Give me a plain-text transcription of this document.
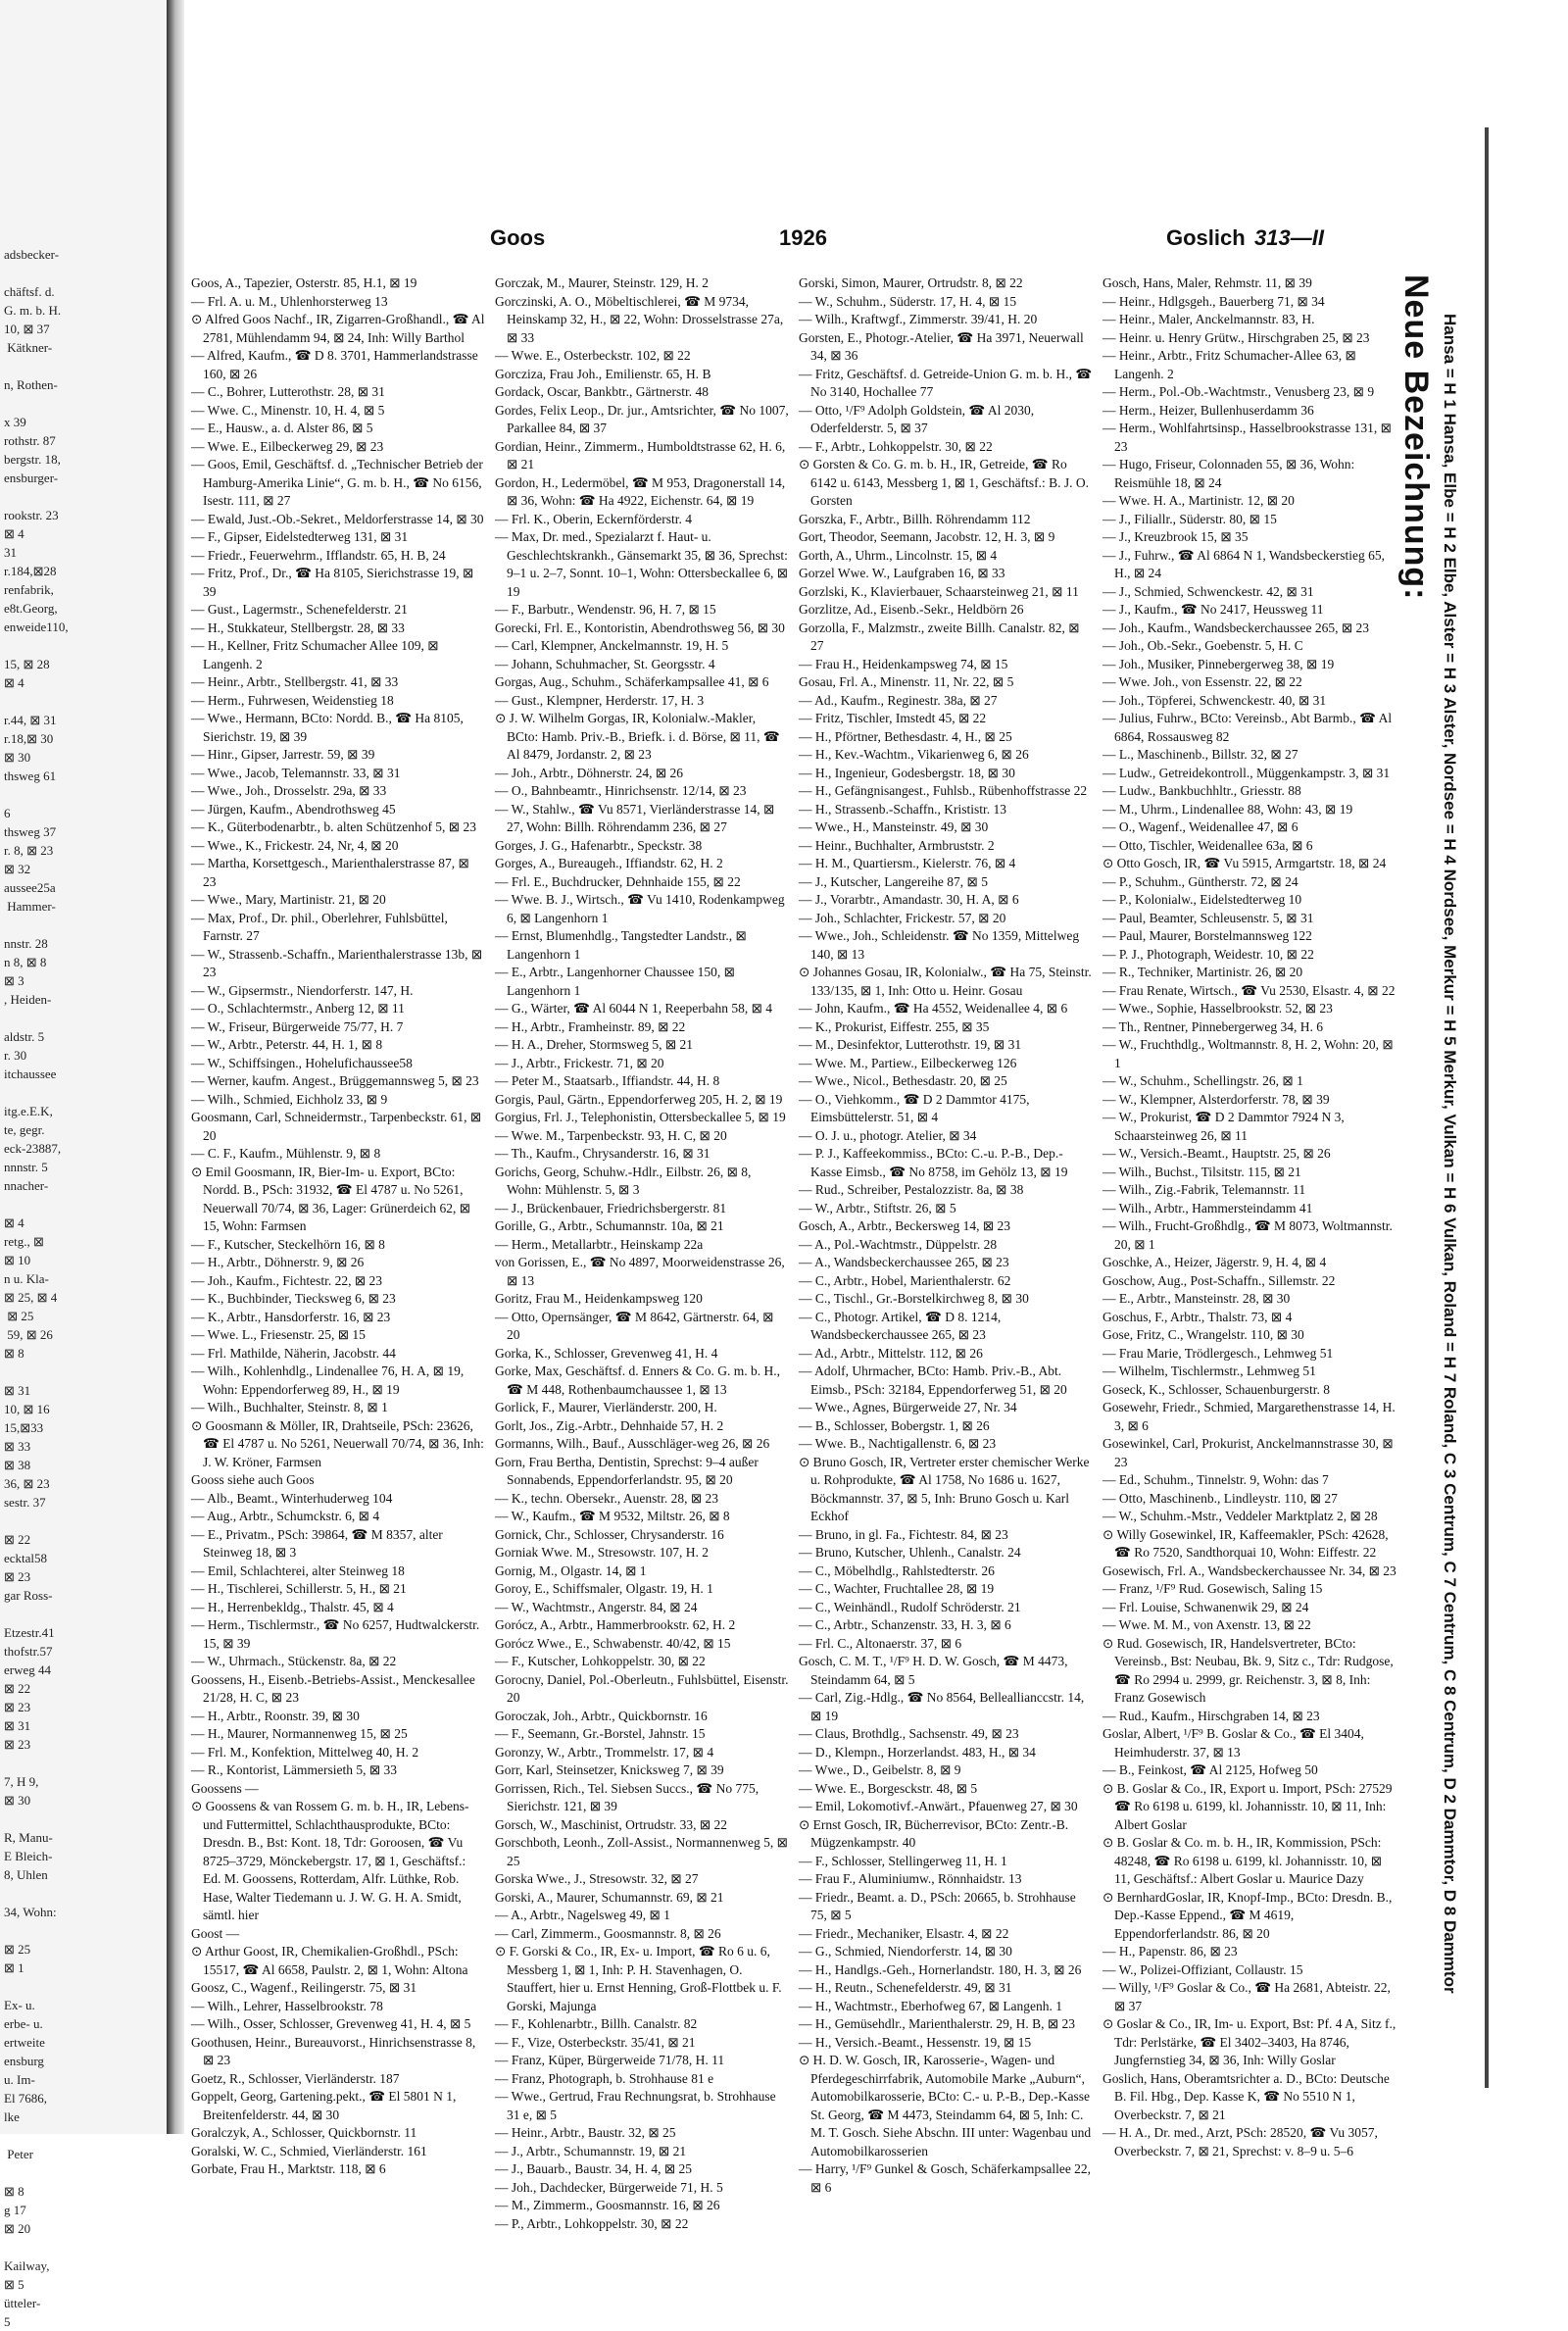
adsbecker-

chäftsf. d.
G. m. b. H.
10, ⊠ 37
Kätkner-

n, Rothen-

x 39
rothstr. 87
bergstr. 18,
ensburger-

rookstr. 23
⊠ 4
31
r.184,⊠28
renfabrik,
e8t.Georg,
enweide110,

15, ⊠ 28
⊠ 4

r.44, ⊠ 31
r.18,⊠ 30
⊠ 30
thsweg 61

6
thsweg 37
r. 8, ⊠ 23
⊠ 32
aussee25a
Hammer-

nnstr. 28
n 8, ⊠ 8
⊠ 3
, Heiden-

aldstr. 5
r. 30
itchaussee

itg.e.E.K,
te, gegr.
eck-23887,
nnnstr. 5
nnacher-

⊠ 4
retg., ⊠
⊠ 10
n u. Kla-
⊠ 25, ⊠ 4
⊠ 25
59, ⊠ 26
⊠ 8

⊠ 31
10, ⊠ 16
15,⊠33
⊠ 33
⊠ 38
36, ⊠ 23
sestr. 37

⊠ 22
ecktal58
⊠ 23
gar Ross-

Etzestr.41
thofstr.57
erweg 44
⊠ 22
⊠ 23
⊠ 31
⊠ 23

7, H 9,
⊠ 30

R, Manu-
E Bleich-
8, Uhlen

34, Wohn:

⊠ 25
⊠ 1

Ex- u.
erbe- u.
ertweite
ensburg
u. Im-
El 7686,
lke

Peter

⊠ 8
g 17
⊠ 20

Kailway,
⊠ 5
ütteler-
5
Goos	1926	Goslich 313—II

Goos, A., Tapezier, Osterstr. 85, H.1, ⊠ 19

— Frl. A. u. M., Uhlenhorsterweg 13

⊙ Alfred Goos Nachf., IR, Zigarren-Großhandl., ☎ Al 2781, Mühlendamm 94, ⊠ 24, Inh: Willy Barthol

— Alfred, Kaufm., ☎ D 8. 3701, Hammerlandstrasse 160, ⊠ 26

— C., Bohrer, Lutterothstr. 28, ⊠ 31

— Wwe. C., Minenstr. 10, H. 4, ⊠ 5

— E., Hausw., a. d. Alster 86, ⊠ 5

— Wwe. E., Eilbeckerweg 29, ⊠ 23

— Goos, Emil, Geschäftsf. d. „Technischer Betrieb der Hamburg-Amerika Linie“, G. m. b. H., ☎ No 6156, Isestr. 111, ⊠ 27

— Ewald, Just.-Ob.-Sekret., Meldorferstrasse 14, ⊠ 30

— F., Gipser, Eidelstedterweg 131, ⊠ 31

— Friedr., Feuerwehrm., Ifflandstr. 65, H. B, 24

— Fritz, Prof., Dr., ☎ Ha 8105, Sierichstrasse 19, ⊠ 39

— Gust., Lagermstr., Schenefelderstr. 21

— H., Stukkateur, Stellbergstr. 28, ⊠ 33

— H., Kellner, Fritz Schumacher Allee 109, ⊠ Langenh. 2

— Heinr., Arbtr., Stellbergstr. 41, ⊠ 33

— Herm., Fuhrwesen, Weidenstieg 18

— Wwe., Hermann, BCto: Nordd. B., ☎ Ha 8105, Sierichstr. 19, ⊠ 39

— Hinr., Gipser, Jarrestr. 59, ⊠ 39

— Wwe., Jacob, Telemannstr. 33, ⊠ 31

— Wwe., Joh., Drosselstr. 29a, ⊠ 33

— Jürgen, Kaufm., Abendrothsweg 45

— K., Güterbodenarbtr., b. alten Schützenhof 5, ⊠ 23

— Wwe., K., Frickestr. 24, Nr, 4, ⊠ 20

— Martha, Korsettgesch., Marienthalerstrasse 87, ⊠ 23

— Wwe., Mary, Martinistr. 21, ⊠ 20

— Max, Prof., Dr. phil., Oberlehrer, Fuhlsbüttel, Farnstr. 27

— W., Strassenb.-Schaffn., Marienthalerstrasse 13b, ⊠ 23

— W., Gipsermstr., Niendorferstr. 147, H.

— O., Schlachtermstr., Anberg 12, ⊠ 11

— W., Friseur, Bürgerweide 75/77, H. 7

— W., Arbtr., Peterstr. 44, H. 1, ⊠ 8

— W., Schiffsingen., Hohelufichaussee58

— Werner, kaufm. Angest., Brüggemannsweg 5, ⊠ 23

— Wilh., Schmied, Eichholz 33, ⊠ 9

Goosmann, Carl, Schneidermstr., Tarpenbeckstr. 61, ⊠ 20

— C. F., Kaufm., Mühlenstr. 9, ⊠ 8

⊙ Emil Goosmann, IR, Bier-Im- u. Export, BCto: Nordd. B., PSch: 31932, ☎ El 4787 u. No 5261, Neuerwall 70/74, ⊠ 36, Lager: Grünerdeich 62, ⊠ 15, Wohn: Farmsen

— F., Kutscher, Steckelhörn 16, ⊠ 8

— H., Arbtr., Döhnerstr. 9, ⊠ 26

— Joh., Kaufm., Fichtestr. 22, ⊠ 23

— K., Buchbinder, Tiecksweg 6, ⊠ 23

— K., Arbtr., Hansdorferstr. 16, ⊠ 23

— Wwe. L., Friesenstr. 25, ⊠ 15

— Frl. Mathilde, Näherin, Jacobstr. 44

— Wilh., Kohlenhdlg., Lindenallee 76, H. A, ⊠ 19, Wohn: Eppendorferweg 89, H., ⊠ 19

— Wilh., Buchhalter, Steinstr. 8, ⊠ 1

⊙ Goosmann & Möller, IR, Drahtseile, PSch: 23626, ☎ El 4787 u. No 5261, Neuerwall 70/74, ⊠ 36, Inh: J. W. Kröner, Farmsen

Gooss siehe auch Goos

— Alb., Beamt., Winterhuderweg 104

— Aug., Arbtr., Schumckstr. 6, ⊠ 4

— E., Privatm., PSch: 39864, ☎ M 8357, alter Steinweg 18, ⊠ 3

— Emil, Schlachterei, alter Steinweg 18

— H., Tischlerei, Schillerstr. 5, H., ⊠ 21

— H., Herrenbekldg., Thalstr. 45, ⊠ 4

— Herm., Tischlermstr., ☎ No 6257, Hudtwalckerstr. 15, ⊠ 39

— W., Uhrmach., Stückenstr. 8a, ⊠ 22

Goossens, H., Eisenb.-Betriebs-Assist., Menckesallee 21/28, H. C, ⊠ 23

— H., Arbtr., Roonstr. 39, ⊠ 30

— H., Maurer, Normannenweg 15, ⊠ 25

— Frl. M., Konfektion, Mittelweg 40, H. 2

— R., Kontorist, Lämmersieth 5, ⊠ 33

Goossens —

⊙ Goossens & van Rossem G. m. b. H., IR, Lebens- und Futtermittel, Schlachthausprodukte, BCto: Dresdn. B., Bst: Kont. 18, Tdr: Goroosen, ☎ Vu 8725–3729, Mönckebergstr. 17, ⊠ 1, Geschäftsf.: Ed. M. Goossens, Rotterdam, Alfr. Lüthke, Rob. Hase, Walter Tiedemann u. J. W. G. H. A. Smidt, sämtl. hier

Goost —

⊙ Arthur Goost, IR, Chemikalien-Großhdl., PSch: 15517, ☎ Al 6658, Paulstr. 2, ⊠ 1, Wohn: Altona

Goosz, C., Wagenf., Reilingerstr. 75, ⊠ 31

— Wilh., Lehrer, Hasselbrookstr. 78

— Wilh., Osser, Schlosser, Grevenweg 41, H. 4, ⊠ 5

Goothusen, Heinr., Bureauvorst., Hinrichsenstrasse 8, ⊠ 23

Goetz, R., Schlosser, Vierländerstr. 187

Goppelt, Georg, Gartening.pekt., ☎ El 5801 N 1, Breitenfelderstr. 44, ⊠ 30

Goralczyk, A., Schlosser, Quickbornstr. 11

Goralski, W. C., Schmied, Vierländerstr. 161

Gorbate, Frau H., Marktstr. 118, ⊠ 6

Gorczak, M., Maurer, Steinstr. 129, H. 2

Gorczinski, A. O., Möbeltischlerei, ☎ M 9734, Heinskamp 32, H., ⊠ 22, Wohn: Drosselstrasse 27a, ⊠ 33

— Wwe. E., Osterbeckstr. 102, ⊠ 22

Gorcziza, Frau Joh., Emilienstr. 65, H. B

Gordack, Oscar, Bankbtr., Gärtnerstr. 48

Gordes, Felix Leop., Dr. jur., Amtsrichter, ☎ No 1007, Parkallee 84, ⊠ 37

Gordian, Heinr., Zimmerm., Humboldtstrasse 62, H. 6, ⊠ 21

Gordon, H., Ledermöbel, ☎ M 953, Dragonerstall 14, ⊠ 36, Wohn: ☎ Ha 4922, Eichenstr. 64, ⊠ 19

— Frl. K., Oberin, Eckernförderstr. 4

— Max, Dr. med., Spezialarzt f. Haut- u. Geschlechtskrankh., Gänsemarkt 35, ⊠ 36, Sprechst: 9–1 u. 2–7, Sonnt. 10–1, Wohn: Ottersbeckallee 6, ⊠ 19

— F., Barbutr., Wendenstr. 96, H. 7, ⊠ 15

Gorecki, Frl. E., Kontoristin, Abendrothsweg 56, ⊠ 30

— Carl, Klempner, Anckelmannstr. 19, H. 5

— Johann, Schuhmacher, St. Georgsstr. 4

Gorgas, Aug., Schuhm., Schäferkampsallee 41, ⊠ 6

— Gust., Klempner, Herderstr. 17, H. 3

⊙ J. W. Wilhelm Gorgas, IR, Kolonialw.-Makler, BCto: Hamb. Priv.-B., Briefk. i. d. Börse, ⊠ 11, ☎ Al 8479, Jordanstr. 2, ⊠ 23

— Joh., Arbtr., Döhnerstr. 24, ⊠ 26

— O., Bahnbeamtr., Hinrichsenstr. 12/14, ⊠ 23

— W., Stahlw., ☎ Vu 8571, Vierländerstrasse 14, ⊠ 27, Wohn: Billh. Röhrendamm 236, ⊠ 27

Gorges, J. G., Hafenarbtr., Speckstr. 38

Gorges, A., Bureaugeh., Iffiandstr. 62, H. 2

— Frl. E., Buchdrucker, Dehnhaide 155, ⊠ 22

— Wwe. B. J., Wirtsch., ☎ Vu 1410, Rodenkampweg 6, ⊠ Langenhorn 1

— Ernst, Blumenhdlg., Tangstedter Landstr., ⊠ Langenhorn 1

— E., Arbtr., Langenhorner Chaussee 150, ⊠ Langenhorn 1

— G., Wärter, ☎ Al 6044 N 1, Reeperbahn 58, ⊠ 4

— H., Arbtr., Framheinstr. 89, ⊠ 22

— H. A., Dreher, Stormsweg 5, ⊠ 21

— J., Arbtr., Frickestr. 71, ⊠ 20

— Peter M., Staatsarb., Iffiandstr. 44, H. 8

Gorgis, Paul, Gärtn., Eppendorferweg 205, H. 2, ⊠ 19

Gorgius, Frl. J., Telephonistin, Ottersbeckallee 5, ⊠ 19

— Wwe. M., Tarpenbeckstr. 93, H. C, ⊠ 20

— Th., Kaufm., Chrysanderstr. 16, ⊠ 31

Gorichs, Georg, Schuhw.-Hdlr., Eilbstr. 26, ⊠ 8, Wohn: Mühlenstr. 5, ⊠ 3

— J., Brückenbauer, Friedrichsbergerstr. 81

Gorille, G., Arbtr., Schumannstr. 10a, ⊠ 21

— Herm., Metallarbtr., Heinskamp 22a

von Gorissen, E., ☎ No 4897, Moorweidenstrasse 26, ⊠ 13

Goritz, Frau M., Heidenkampsweg 120

— Otto, Opernsänger, ☎ M 8642, Gärtnerstr. 64, ⊠ 20

Gorka, K., Schlosser, Grevenweg 41, H. 4

Gorke, Max, Geschäftsf. d. Enners & Co. G. m. b. H., ☎ M 448, Rothenbaumchaussee 1, ⊠ 13

Gorlick, F., Maurer, Vierländerstr. 200, H.

Gorlt, Jos., Zig.-Arbtr., Dehnhaide 57, H. 2

Gormanns, Wilh., Bauf., Ausschläger-weg 26, ⊠ 26

Gorn, Frau Bertha, Dentistin, Sprechst: 9–4 außer Sonnabends, Eppendorferlandstr. 95, ⊠ 20

— K., techn. Obersekr., Auenstr. 28, ⊠ 23

— W., Kaufm., ☎ M 9532, Miltstr. 26, ⊠ 8

Gornick, Chr., Schlosser, Chrysanderstr. 16

Gorniak Wwe. M., Stresowstr. 107, H. 2

Gornig, M., Olgastr. 14, ⊠ 1

Goroy, E., Schiffsmaler, Olgastr. 19, H. 1

— W., Wachtmstr., Angerstr. 84, ⊠ 24

Gorócz, A., Arbtr., Hammerbrookstr. 62, H. 2

Gorócz Wwe., E., Schwabenstr. 40/42, ⊠ 15

— F., Kutscher, Lohkoppelstr. 30, ⊠ 22

Gorocny, Daniel, Pol.-Oberleutn., Fuhlsbüttel, Eisenstr. 20

Goroczak, Joh., Arbtr., Quickbornstr. 16

— F., Seemann, Gr.-Borstel, Jahnstr. 15

Goronzy, W., Arbtr., Trommelstr. 17, ⊠ 4

Gorr, Karl, Steinsetzer, Knicksweg 7, ⊠ 39

Gorrissen, Rich., Tel. Siebsen Succs., ☎ No 775, Sierichstr. 121, ⊠ 39

Gorsch, W., Maschinist, Ortrudstr. 33, ⊠ 22

Gorschboth, Leonh., Zoll-Assist., Normannenweg 5, ⊠ 25

Gorska Wwe., J., Stresowstr. 32, ⊠ 27

Gorski, A., Maurer, Schumannstr. 69, ⊠ 21

— A., Arbtr., Nagelsweg 49, ⊠ 1

— Carl, Zimmerm., Goosmannstr. 8, ⊠ 26

⊙ F. Gorski & Co., IR, Ex- u. Import, ☎ Ro 6 u. 6, Messberg 1, ⊠ 1, Inh: P. H. Stavenhagen, O. Stauffert, hier u. Ernst Henning, Groß-Flottbek u. F. Gorski, Majunga

— F., Kohlenarbtr., Billh. Canalstr. 82

— F., Vize, Osterbeckstr. 35/41, ⊠ 21

— Franz, Küper, Bürgerweide 71/78, H. 11

— Franz, Photograph, b. Strohhause 81 e

— Wwe., Gertrud, Frau Rechnungsrat, b. Strohhause 31 e, ⊠ 5

— Heinr., Arbtr., Baustr. 32, ⊠ 25

— J., Arbtr., Schumannstr. 19, ⊠ 21

— J., Bauarb., Baustr. 34, H. 4, ⊠ 25

— Joh., Dachdecker, Bürgerweide 71, H. 5

— M., Zimmerm., Goosmannstr. 16, ⊠ 26

— P., Arbtr., Lohkoppelstr. 30, ⊠ 22

Gorski, Simon, Maurer, Ortrudstr. 8, ⊠ 22

— W., Schuhm., Süderstr. 17, H. 4, ⊠ 15

— Wilh., Kraftwgf., Zimmerstr. 39/41, H. 20

Gorsten, E., Photogr.-Atelier, ☎ Ha 3971, Neuerwall 34, ⊠ 36

— Fritz, Geschäftsf. d. Getreide-Union G. m. b. H., ☎ No 3140, Hochallee 77

— Otto, ¹/F⁹ Adolph Goldstein, ☎ Al 2030, Oderfelderstr. 5, ⊠ 37

— F., Arbtr., Lohkoppelstr. 30, ⊠ 22

⊙ Gorsten & Co. G. m. b. H., IR, Getreide, ☎ Ro 6142 u. 6143, Messberg 1, ⊠ 1, Geschäftsf.: B. J. O. Gorsten

Gorszka, F., Arbtr., Billh. Röhrendamm 112

Gort, Theodor, Seemann, Jacobstr. 12, H. 3, ⊠ 9

Gorth, A., Uhrm., Lincolnstr. 15, ⊠ 4

Gorzel Wwe. W., Laufgraben 16, ⊠ 33

Gorzlski, K., Klavierbauer, Schaarsteinweg 21, ⊠ 11

Gorzlitze, Ad., Eisenb.-Sekr., Heldbörn 26

Gorzolla, F., Malzmstr., zweite Billh. Canalstr. 82, ⊠ 27

— Frau H., Heidenkampsweg 74, ⊠ 15

Gosau, Frl. A., Minenstr. 11, Nr. 22, ⊠ 5

— Ad., Kaufm., Reginestr. 38a, ⊠ 27

— Fritz, Tischler, Imstedt 45, ⊠ 22

— H., Pförtner, Bethesdastr. 4, H., ⊠ 25

— H., Kev.-Wachtm., Vikarienweg 6, ⊠ 26

— H., Ingenieur, Godesbergstr. 18, ⊠ 30

— H., Gefängnisangest., Fuhlsb., Rübenhoffstrasse 22

— H., Strassenb.-Schaffn., Krististr. 13

— Wwe., H., Mansteinstr. 49, ⊠ 30

— Heinr., Buchhalter, Armbruststr. 2

— H. M., Quartiersm., Kielerstr. 76, ⊠ 4

— J., Kutscher, Langereihe 87, ⊠ 5

— J., Vorarbtr., Amandastr. 30, H. A, ⊠ 6

— Joh., Schlachter, Frickestr. 57, ⊠ 20

— Wwe., Joh., Schleidenstr. ☎ No 1359, Mittelweg 140, ⊠ 13

⊙ Johannes Gosau, IR, Kolonialw., ☎ Ha 75, Steinstr. 133/135, ⊠ 1, Inh: Otto u. Heinr. Gosau

— John, Kaufm., ☎ Ha 4552, Weidenallee 4, ⊠ 6

— K., Prokurist, Eiffestr. 255, ⊠ 35

— M., Desinfektor, Lutterothstr. 19, ⊠ 31

— Wwe. M., Partiew., Eilbeckerweg 126

— Wwe., Nicol., Bethesdastr. 20, ⊠ 25

— O., Viehkomm., ☎ D 2 Dammtor 4175, Eimsbüttelerstr. 51, ⊠ 4

— O. J. u., photogr. Atelier, ⊠ 34

— P. J., Kaffeekommiss., BCto: C.-u. P.-B., Dep.-Kasse Eimsb., ☎ No 8758, im Gehölz 13, ⊠ 19

— Rud., Schreiber, Pestalozzistr. 8a, ⊠ 38

— W., Arbtr., Stiftstr. 26, ⊠ 5

Gosch, A., Arbtr., Beckersweg 14, ⊠ 23

— A., Pol.-Wachtmstr., Düppelstr. 28

— A., Wandsbeckerchaussee 265, ⊠ 23

— C., Arbtr., Hobel, Marienthalerstr. 62

— C., Tischl., Gr.-Borstelkirchweg 8, ⊠ 30

— C., Photogr. Artikel, ☎ D 8. 1214, Wandsbeckerchaussee 265, ⊠ 23

— Ad., Arbtr., Mittelstr. 112, ⊠ 26

— Adolf, Uhrmacher, BCto: Hamb. Priv.-B., Abt. Eimsb., PSch: 32184, Eppendorferweg 51, ⊠ 20

— Wwe., Agnes, Bürgerweide 27, Nr. 34

— B., Schlosser, Bobergstr. 1, ⊠ 26

— Wwe. B., Nachtigallenstr. 6, ⊠ 23

⊙ Bruno Gosch, IR, Vertreter erster chemischer Werke u. Rohprodukte, ☎ Al 1758, No 1686 u. 1627, Böckmannstr. 37, ⊠ 5, Inh: Bruno Gosch u. Karl Eckhof

— Bruno, in gl. Fa., Fichtestr. 84, ⊠ 23

— Bruno, Kutscher, Uhlenh., Canalstr. 24

— C., Möbelhdlg., Rahlstedterstr. 26

— C., Wachter, Fruchtallee 28, ⊠ 19

— C., Weinhändl., Rudolf Schröderstr. 21

— C., Arbtr., Schanzenstr. 33, H. 3, ⊠ 6

— Frl. C., Altonaerstr. 37, ⊠ 6

Gosch, C. M. T., ¹/F⁹ H. D. W. Gosch, ☎ M 4473, Steindamm 64, ⊠ 5

— Carl, Zig.-Hdlg., ☎ No 8564, Belleallianccstr. 14, ⊠ 19

— Claus, Brothdlg., Sachsenstr. 49, ⊠ 23

— D., Klempn., Horzerlandst. 483, H., ⊠ 34

— Wwe., D., Geibelstr. 8, ⊠ 9

— Wwe. E., Borgesckstr. 48, ⊠ 5

— Emil, Lokomotivf.-Anwärt., Pfauenweg 27, ⊠ 30

⊙ Ernst Gosch, IR, Bücherrevisor, BCto: Zentr.-B. Mügzenkampstr. 40

— F., Schlosser, Stellingerweg 11, H. 1

— Frau F., Aluminiumw., Rönnhaidstr. 13

— Friedr., Beamt. a. D., PSch: 20665, b. Strohhause 75, ⊠ 5

— Friedr., Mechaniker, Elsastr. 4, ⊠ 22

— G., Schmied, Niendorferstr. 14, ⊠ 30

— H., Handlgs.-Geh., Hornerlandstr. 180, H. 3, ⊠ 26

— H., Reutn., Schenefelderstr. 49, ⊠ 31

— H., Wachtmstr., Eberhofweg 67, ⊠ Langenh. 1

— H., Gemüsehdlr., Marienthalerstr. 29, H. B, ⊠ 23

— H., Versich.-Beamt., Hessenstr. 19, ⊠ 15

⊙ H. D. W. Gosch, IR, Karosserie-, Wagen- und Pferdegeschirrfabrik, Automobile Marke „Auburn“, Automobilkarosserie, BCto: C.- u. P.-B., Dep.-Kasse St. Georg, ☎ M 4473, Steindamm 64, ⊠ 5, Inh: C. M. T. Gosch. Siehe Abschn. III unter: Wagenbau und Automobilkarosserien

— Harry, ¹/F⁹ Gunkel & Gosch, Schäferkampsallee 22, ⊠ 6

Gosch, Hans, Maler, Rehmstr. 11, ⊠ 39

— Heinr., Hdlgsgeh., Bauerberg 71, ⊠ 34

— Heinr., Maler, Anckelmannstr. 83, H.

— Heinr. u. Henry Grütw., Hirschgraben 25, ⊠ 23

— Heinr., Arbtr., Fritz Schumacher-Allee 63, ⊠ Langenh. 2

— Herm., Pol.-Ob.-Wachtmstr., Venusberg 23, ⊠ 9

— Herm., Heizer, Bullenhuserdamm 36

— Herm., Wohlfahrtsinsp., Hasselbrookstrasse 131, ⊠ 23

— Hugo, Friseur, Colonnaden 55, ⊠ 36, Wohn: Reismühle 18, ⊠ 24

— Wwe. H. A., Martinistr. 12, ⊠ 20

— J., Filiallr., Süderstr. 80, ⊠ 15

— J., Kreuzbrook 15, ⊠ 35

— J., Fuhrw., ☎ Al 6864 N 1, Wandsbeckerstieg 65, H., ⊠ 24

— J., Schmied, Schwenckestr. 42, ⊠ 31

— J., Kaufm., ☎ No 2417, Heussweg 11

— Joh., Kaufm., Wandsbeckerchaussee 265, ⊠ 23

— Joh., Ob.-Sekr., Goebenstr. 5, H. C

— Joh., Musiker, Pinnebergerweg 38, ⊠ 19

— Wwe. Joh., von Essenstr. 22, ⊠ 22

— Joh., Töpferei, Schwenckestr. 40, ⊠ 31

— Julius, Fuhrw., BCto: Vereinsb., Abt Barmb., ☎ Al 6864, Rossausweg 82

— L., Maschinenb., Billstr. 32, ⊠ 27

— Ludw., Getreidekontroll., Müggenkampstr. 3, ⊠ 31

— Ludw., Bankbuchhltr., Griesstr. 88

— M., Uhrm., Lindenallee 88, Wohn: 43, ⊠ 19

— O., Wagenf., Weidenallee 47, ⊠ 6

— Otto, Tischler, Weidenallee 63a, ⊠ 6

⊙ Otto Gosch, IR, ☎ Vu 5915, Armgartstr. 18, ⊠ 24

— P., Schuhm., Güntherstr. 72, ⊠ 24

— P., Kolonialw., Eidelstedterweg 10

— Paul, Beamter, Schleusenstr. 5, ⊠ 31

— Paul, Maurer, Borstelmannsweg 122

— P. J., Photograph, Weidestr. 10, ⊠ 22

— R., Techniker, Martinistr. 26, ⊠ 20

— Frau Renate, Wirtsch., ☎ Vu 2530, Elsastr. 4, ⊠ 22

— Wwe., Sophie, Hasselbrookstr. 52, ⊠ 23

— Th., Rentner, Pinnebergerweg 34, H. 6

— W., Fruchthdlg., Woltmannstr. 8, H. 2, Wohn: 20, ⊠ 1

— W., Schuhm., Schellingstr. 26, ⊠ 1

— W., Klempner, Alsterdorferstr. 78, ⊠ 39

— W., Prokurist, ☎ D 2 Dammtor 7924 N 3, Schaarsteinweg 26, ⊠ 11

— W., Versich.-Beamt., Hauptstr. 25, ⊠ 26

— Wilh., Buchst., Tilsitstr. 115, ⊠ 21

— Wilh., Zig.-Fabrik, Telemannstr. 11

— Wilh., Arbtr., Hammersteindamm 41

— Wilh., Frucht-Großhdlg., ☎ M 8073, Woltmannstr. 20, ⊠ 1

Goschke, A., Heizer, Jägerstr. 9, H. 4, ⊠ 4

Goschow, Aug., Post-Schaffn., Sillemstr. 22

— E., Arbtr., Mansteinstr. 28, ⊠ 30

Goschus, F., Arbtr., Thalstr. 73, ⊠ 4

Gose, Fritz, C., Wrangelstr. 110, ⊠ 30

— Frau Marie, Trödlergesch., Lehmweg 51

— Wilhelm, Tischlermstr., Lehmweg 51

Goseck, K., Schlosser, Schauenburgerstr. 8

Gosewehr, Friedr., Schmied, Margarethenstrasse 14, H. 3, ⊠ 6

Gosewinkel, Carl, Prokurist, Anckelmannstrasse 30, ⊠ 23

— Ed., Schuhm., Tinnelstr. 9, Wohn: das 7

— Otto, Maschinenb., Lindleystr. 110, ⊠ 27

— W., Schuhm.-Mstr., Veddeler Marktplatz 2, ⊠ 28

⊙ Willy Gosewinkel, IR, Kaffeemakler, PSch: 42628, ☎ Ro 7520, Sandthorquai 10, Wohn: Eiffestr. 22

Gosewisch, Frl. A., Wandsbeckerchaussee Nr. 34, ⊠ 23

— Franz, ¹/F⁹ Rud. Gosewisch, Saling 15

— Frl. Louise, Schwanenwik 29, ⊠ 24

— Wwe. M. M., von Axenstr. 13, ⊠ 22

⊙ Rud. Gosewisch, IR, Handelsvertreter, BCto: Vereinsb., Bst: Neubau, Bk. 9, Sitz c., Tdr: Rudgose, ☎ Ro 2994 u. 2999, gr. Reichenstr. 3, ⊠ 8, Inh: Franz Gosewisch

— Rud., Kaufm., Hirschgraben 14, ⊠ 23

Goslar, Albert, ¹/F⁹ B. Goslar & Co., ☎ El 3404, Heimhuderstr. 37, ⊠ 13

— B., Feinkost, ☎ Al 2125, Hofweg 50

⊙ B. Goslar & Co., IR, Export u. Import, PSch: 27529 ☎ Ro 6198 u. 6199, kl. Johannisstr. 10, ⊠ 11, Inh: Albert Goslar

⊙ B. Goslar & Co. m. b. H., IR, Kommission, PSch: 48248, ☎ Ro 6198 u. 6199, kl. Johannisstr. 10, ⊠ 11, Geschäftsf.: Albert Goslar u. Maurice Dazy

⊙ BernhardGoslar, IR, Knopf-Imp., BCto: Dresdn. B., Dep.-Kasse Eppend., ☎ M 4619, Eppendorferlandstr. 86, ⊠ 20

— H., Papenstr. 86, ⊠ 23

— W., Polizei-Offiziant, Collaustr. 15

— Willy, ¹/F⁹ Goslar & Co., ☎ Ha 2681, Abteistr. 22, ⊠ 37

⊙ Goslar & Co., IR, Im- u. Export, Bst: Pf. 4 A, Sitz f., Tdr: Perlstärke, ☎ El 3402–3403, Ha 8746, Jungfernstieg 34, ⊠ 36, Inh: Willy Goslar

Goslich, Hans, Oberamtsrichter a. D., BCto: Deutsche B. Fil. Hbg., Dep. Kasse K, ☎ No 5510 N 1, Overbeckstr. 7, ⊠ 21

— H. A., Dr. med., Arzt, PSch: 28520, ☎ Vu 3057, Overbeckstr. 7, ⊠ 21, Sprechst: v. 8–9 u. 5–6

Neue Bezeichnung: Hansa = H 1 Hansa, Elbe = H 2 Elbe, Alster = H 3 Alster, Nordsee = H 4 Nordsee, Merkur = H 5 Merkur, Vulkan = H 6 Vulkan, Roland = H 7 Roland, C 3 Centrum, C 7 Centrum, C 8 Centrum, D 2 Dammtor, D 8 Dammtor
